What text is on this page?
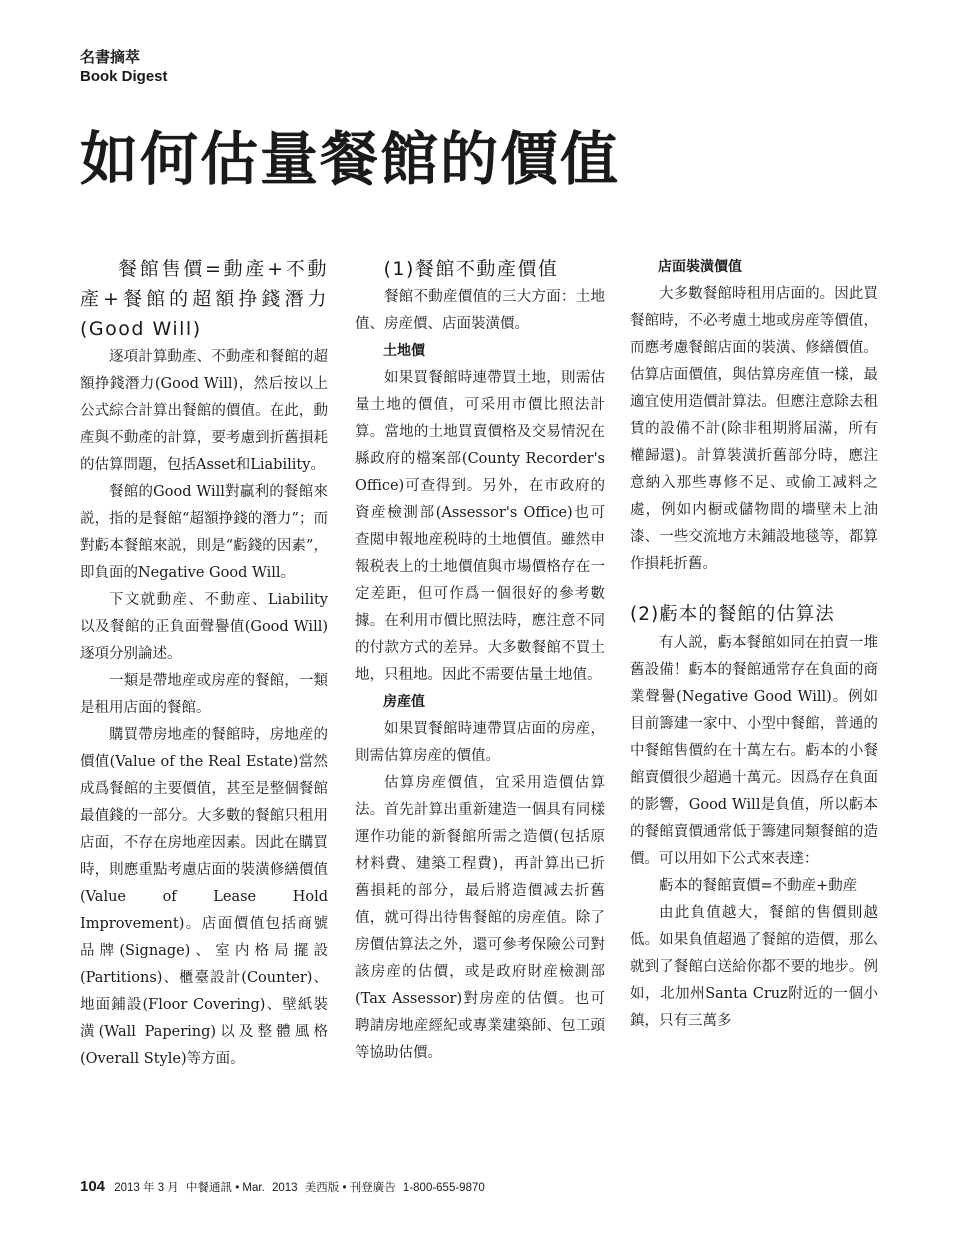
名書摘萃
Book Digest
如何估量餐館的價值
餐館售價=動產+不動產+餐館的超額挣錢潛力(Good Will)

逐項計算動產、不動產和餐館的超額挣錢潛力(Good Will)，然后按以上公式綜合計算出餐館的價值。在此，動產與不動產的計算，要考慮到折舊損耗的估算問題，包括Asset和Liability。

餐館的Good Will對贏利的餐館來説，指的是餐館“超額挣錢的潛力”；而對虧本餐館來説，則是“虧錢的因素”，即負面的Negative Good Will。

下文就動産、不動産、Liability以及餐館的正負面聲譽值(Good Will)逐項分别論述。

一類是帶地産或房産的餐館，一類是租用店面的餐館。

購買帶房地產的餐館時，房地産的價值(Value of the Real Estate)當然成爲餐館的主要價值，甚至是整個餐館最值錢的一部分。大多數的餐館只租用店面，不存在房地産因素。因此在購買時，則應重點考慮店面的裝潢修繕價值(Value of Lease Hold Improvement)。店面價值包括商號品牌(Signage)、室内格局擺設(Partitions)、櫃臺設計(Counter)、地面鋪設(Floor Covering)、壁紙裝潢(Wall Papering)以及整體風格(Overall Style)等方面。

(1)餐館不動產價值

餐館不動産價值的三大方面：土地值、房産價、店面裝潢價。

土地價

如果買餐館時連帶買土地，則需估量土地的價值，可采用市價比照法計算。當地的土地買賣價格及交易情況在縣政府的檔案部(County Recorder's Office)可查得到。另外，在市政府的資産檢測部(Assessor's Office)也可查閲申報地産税時的土地價值。雖然申報税表上的土地價值與市場價格存在一定差距，但可作爲一個很好的參考數據。在利用市價比照法時，應注意不同的付款方式的差异。大多數餐館不買土地，只租地。因此不需要估量土地值。

房産值

如果買餐館時連帶買店面的房産，則需估算房産的價值。

估算房産價值，宜采用造價估算法。首先計算出重新建造一個具有同樣運作功能的新餐館所需之造價(包括原材料費、建築工程費)，再計算出已折舊損耗的部分，最后將造價减去折舊值，就可得出待售餐館的房産值。除了房價估算法之外，還可參考保險公司對該房産的估價，或是政府財産檢測部(Tax Assessor)對房産的估價。也可聘請房地産經紀或專業建築師、包工頭等協助估價。

店面裝潢價值

大多數餐館時租用店面的。因此買餐館時，不必考慮土地或房産等價值，而應考慮餐館店面的裝潢、修繕價值。估算店面價值，與估算房産值一樣，最適宜使用造價計算法。但應注意除去租賃的設備不計(除非租期將届滿，所有權歸還)。計算裝潢折舊部分時，應注意納入那些專修不足、或偷工减料之處，例如内橱或儲物間的墻壁未上油漆、一些交流地方未鋪設地毯等，都算作損耗折舊。

(2)虧本的餐館的估算法

有人説，虧本餐館如同在拍賣一堆舊設備！虧本的餐館通常存在負面的商業聲譽(Negative Good Will)。例如目前籌建一家中、小型中餐館，普通的中餐館售價約在十萬左右。虧本的小餐館賣價很少超過十萬元。因爲存在負面的影響，Good Will是負值，所以虧本的餐館賣價通常低于籌建同類餐館的造價。可以用如下公式來表達：

虧本的餐館賣價=不動産+動産

由此負值越大，餐館的售價則越低。如果負值超過了餐館的造價，那么就到了餐館白送給你都不要的地步。例如，北加州Santa Cruz附近的一個小鎮，只有三萬多

104 2013 年 3 月 中餐通訊 • Mar. 2013 美西版 • 刊登廣告 1-800-655-9870
